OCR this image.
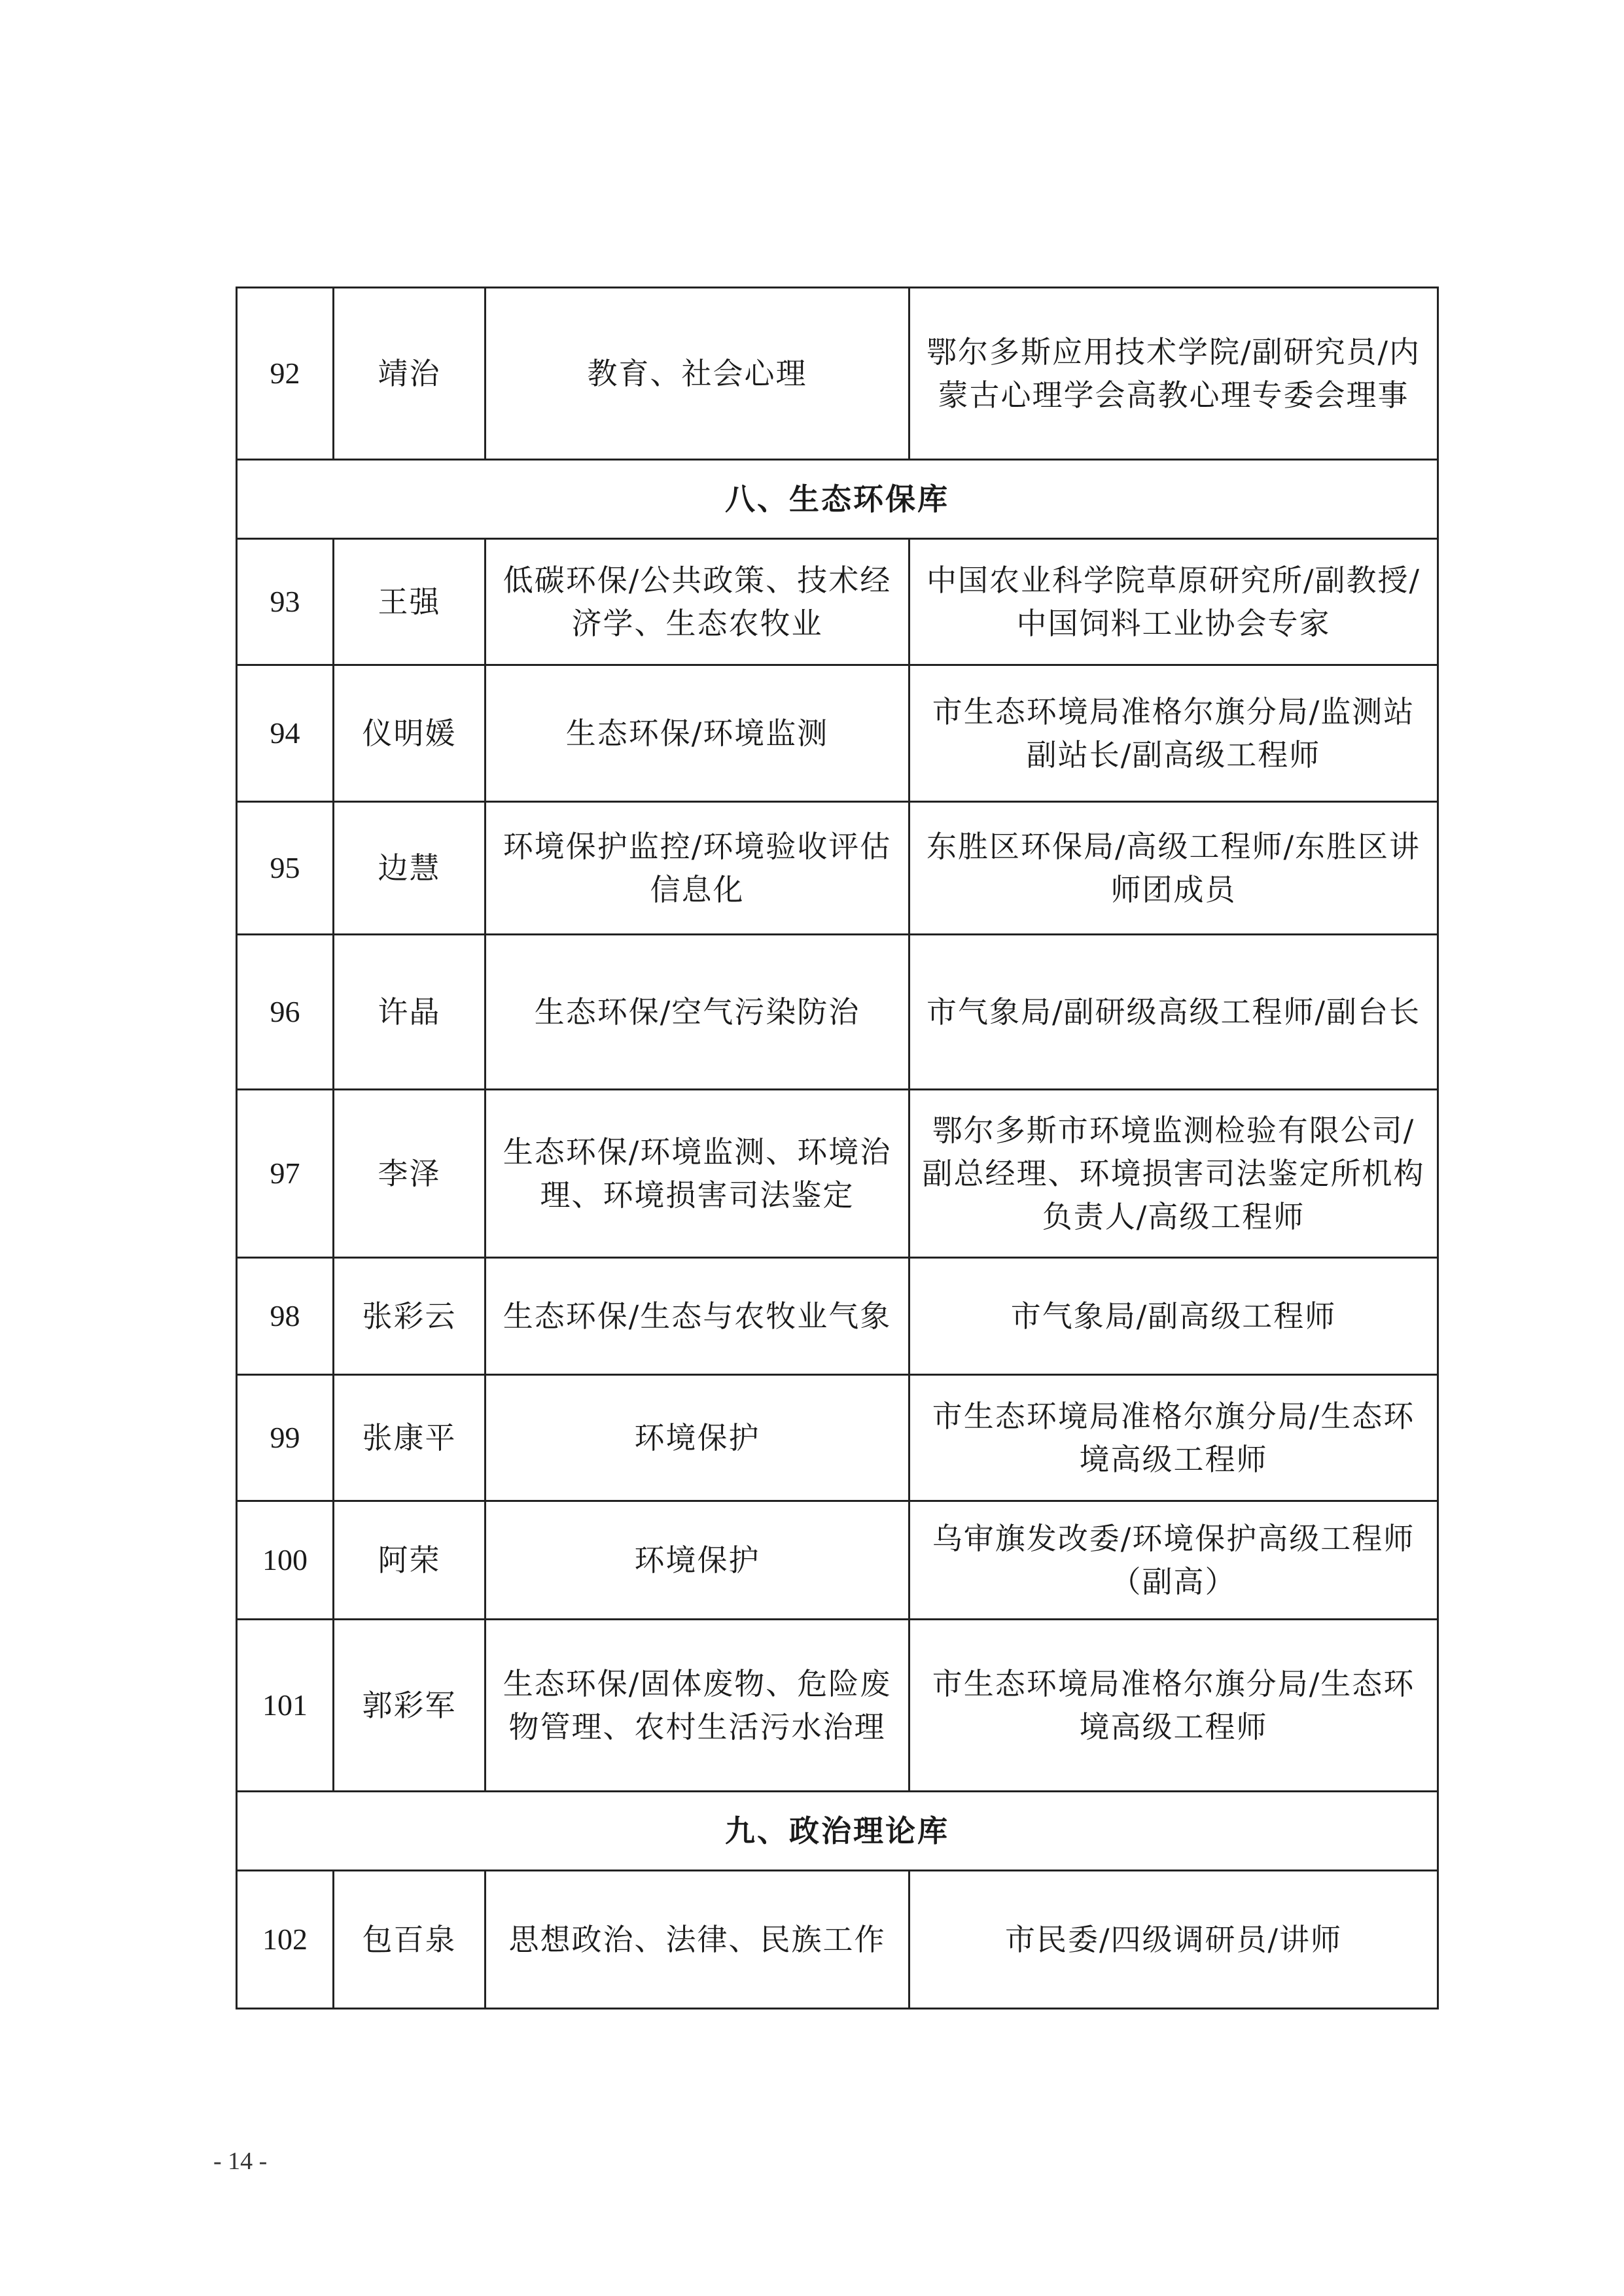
92	靖治	教育、社会心理	鄂尔多斯应用技术学院/副研究员/内蒙古心理学会高教心理专委会理事
八、生态环保库			
93	王强	低碳环保/公共政策、技术经济学、生态农牧业	中国农业科学院草原研究所/副教授/中国饲料工业协会专家
94	仪明媛	生态环保/环境监测	市生态环境局准格尔旗分局/监测站副站长/副高级工程师
95	边慧	环境保护监控/环境验收评估信息化	东胜区环保局/高级工程师/东胜区讲师团成员
96	许晶	生态环保/空气污染防治	市气象局/副研级高级工程师/副台长
97	李泽	生态环保/环境监测、环境治理、环境损害司法鉴定	鄂尔多斯市环境监测检验有限公司/副总经理、环境损害司法鉴定所机构负责人/高级工程师
98	张彩云	生态环保/生态与农牧业气象	市气象局/副高级工程师
99	张康平	环境保护	市生态环境局准格尔旗分局/生态环境高级工程师
100	阿荣	环境保护	乌审旗发改委/环境保护高级工程师（副高）
101	郭彩军	生态环保/固体废物、危险废物管理、农村生活污水治理	市生态环境局准格尔旗分局/生态环境高级工程师
九、政治理论库			
102	包百泉	思想政治、法律、民族工作	市民委/四级调研员/讲师
- 14 -
